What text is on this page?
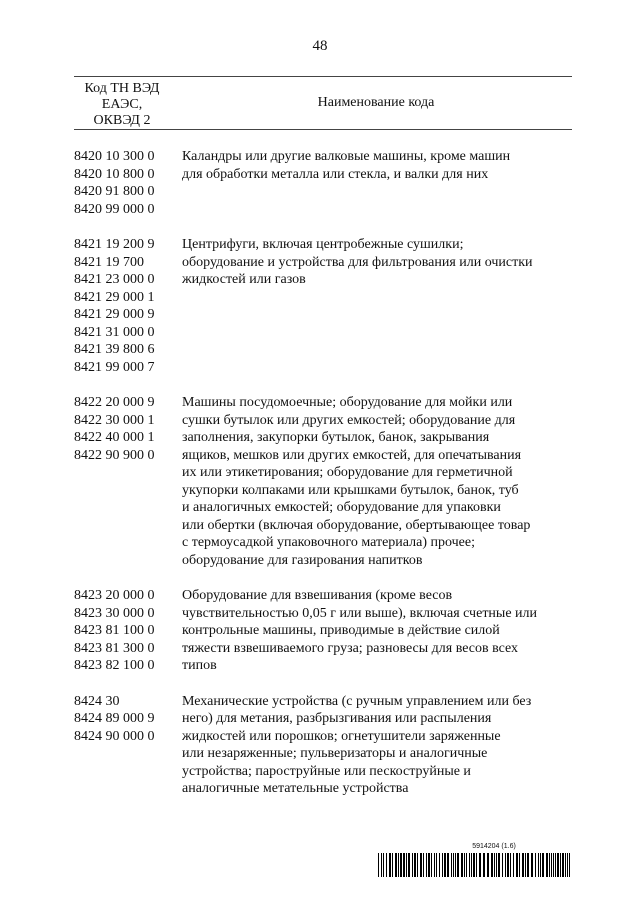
48
Код ТН ВЭД
ЕАЭС,
ОКВЭД 2
Наименование кода
8420 10 300 0
8420 10 800 0
8420 91 800 0
8420 99 000 0
Каландры или другие валковые машины, кроме машин
для обработки металла или стекла, и валки для них
8421 19 200 9
8421 19 700
8421 23 000 0
8421 29 000 1
8421 29 000 9
8421 31 000 0
8421 39 800 6
8421 99 000 7
Центрифуги, включая центробежные сушилки;
оборудование и устройства для фильтрования или очистки
жидкостей или газов
8422 20 000 9
8422 30 000 1
8422 40 000 1
8422 90 900 0
Машины посудомоечные; оборудование для мойки или
сушки бутылок или других емкостей; оборудование для
заполнения, закупорки бутылок, банок, закрывания
ящиков, мешков или других емкостей, для опечатывания
их или этикетирования; оборудование для герметичной
укупорки колпаками или крышками бутылок, банок, туб
и аналогичных емкостей; оборудование для упаковки
или обертки (включая оборудование, обертывающее товар
с термоусадкой упаковочного материала) прочее;
оборудование для газирования напитков
8423 20 000 0
8423 30 000 0
8423 81 100 0
8423 81 300 0
8423 82 100 0
Оборудование для взвешивания (кроме весов
чувствительностью 0,05 г или выше), включая счетные или
контрольные машины, приводимые в действие силой
тяжести взвешиваемого груза; разновесы для весов всех
типов
8424 30
8424 89 000 9
8424 90 000 0
Механические устройства (с ручным управлением или без
него) для метания, разбрызгивания или распыления
жидкостей или порошков; огнетушители заряженные
или незаряженные; пульверизаторы и аналогичные
устройства; пароструйные или пескоструйные и
аналогичные метательные устройства
5914204 (1.6)
